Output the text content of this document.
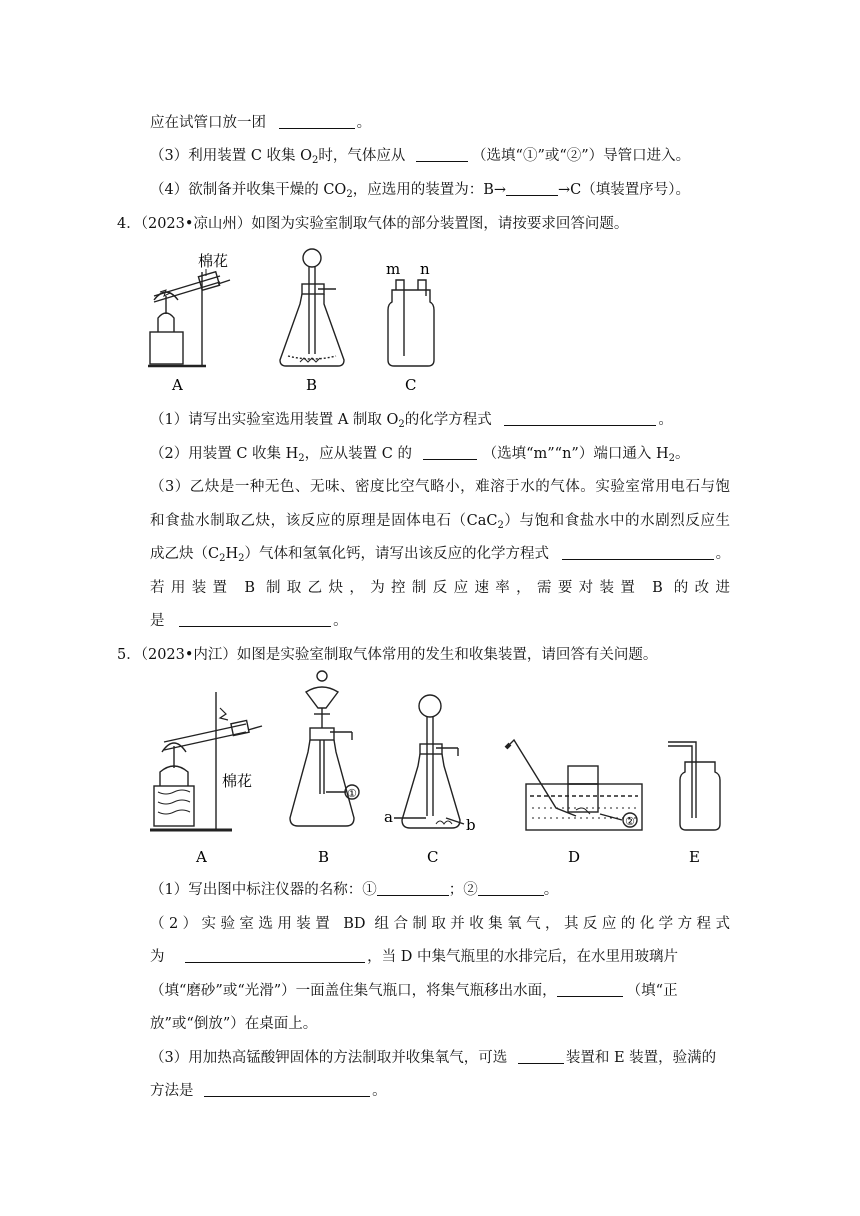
应在试管口放一团	。
（3）利用装置 C 收集 $O_2$时，气体应从	（选填“①”或“②”）导管口进入。
（4）欲制备并收集干燥的 $CO_2$，应选用的装置为：B→	→C（填装置序号）。
4．（2023•凉山州）如图为实验室制取气体的部分装置图，请按要求回答问题。
棉花
A	B
m n
C
（1）请写出实验室选用装置 A 制取 $O_2$的化学方程式	。
（2）用装置 C 收集 $H_2$，应从装置 C 的	（选填“m”“n”）端口通入 $H_2$。
（3）乙炔是一种无色、无味、密度比空气略小，难溶于水的气体。实验室常用电石与饱
和食盐水制取乙炔，该反应的原理是固体电石（CaC$_2$）与饱和食盐水中的水剧烈反应生
成乙炔$(C_2H_2)$气体和氢氧化钙，请写出该反应的化学方程式	。
若用装置 B 制取乙炔，为控制反应速率，需要对装置 B 的改进
是	。
5．（2023•内江）如图是实验室制取气体常用的发生和收集装置，请回答有关问题。
棉花
A
①
B
a	b
C
②
D	E
（1）写出图中标注仪器的名称：①	；②	。
（2）实验室选用装置 BD 组合制取并收集氧气，其反应的化学方程式
为	，当 D 中集气瓶里的水排完后，在水里用玻璃片
（填“磨砂”或“光滑”）一面盖住集气瓶口，将集气瓶移出水面，	（填“正
放”或“倒放”）在桌面上。
（3）用加热高锰酸钾固体的方法制取并收集氧气，可选	装置和 E 装置，验满的
方法是	。
